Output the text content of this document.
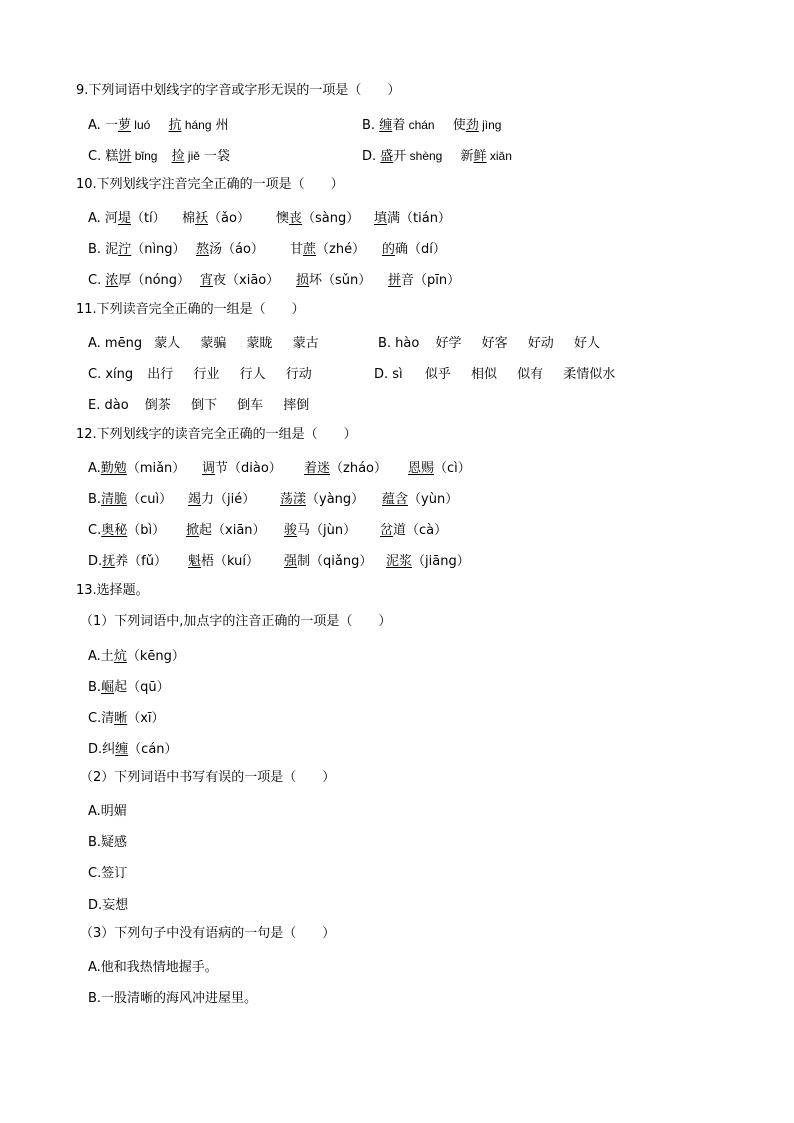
9.下列词语中划线字的字音或字形无误的一项是（　　）
A. 一萝 luó 抗 háng 州	B. 缠着 chán 使劲 jìng
C. 糕饼 bǐng 捡 jiě 一袋	D. 盛开 shèng 新鲜 xiān
10.下列划线字注音完全正确的一项是（　　）
A. 河堤（tí） 棉袄（ǎo） 懊丧（sàng） 填满（tián）
B. 泥泞（nìng） 熬汤（áo） 甘蔗（zhé） 的确（dí）
C. 浓厚（nóng） 宵夜（xiāo） 损坏（sǔn） 拼音（pīn）
11.下列读音完全正确的一组是（　　）
A. mēng 蒙人 蒙骗 蒙眬 蒙古	B. hào 好学 好客 好动 好人
C. xíng 出行 行业 行人 行动	D. sì 似乎 相似 似有 柔情似水
E. dào 倒茶 倒下 倒车 摔倒
12.下列划线字的读音完全正确的一组是（　　）
A.勤勉（miǎn） 调节（diào） 着迷（zháo） 恩赐（cì）
B.清脆（cuì） 竭力（jié） 荡漾（yàng） 蕴含（yùn）
C.奥秘（bì） 掀起（xiān） 骏马（jùn） 岔道（cà）
D.抚养（fǔ） 魁梧（kuí） 强制（qiǎng） 泥浆（jiāng）
13.选择题。
（1）下列词语中,加点字的注音正确的一项是（　　）
A.土炕（kēng）
B.崛起（qū）
C.清晰（xī）
D.纠缠（cán）
（2）下列词语中书写有误的一项是（　　）
A.明媚
B.疑感
C.签订
D.妄想
（3）下列句子中没有语病的一句是（　　）
A.他和我热情地握手。
B.一股清晰的海风冲进屋里。
